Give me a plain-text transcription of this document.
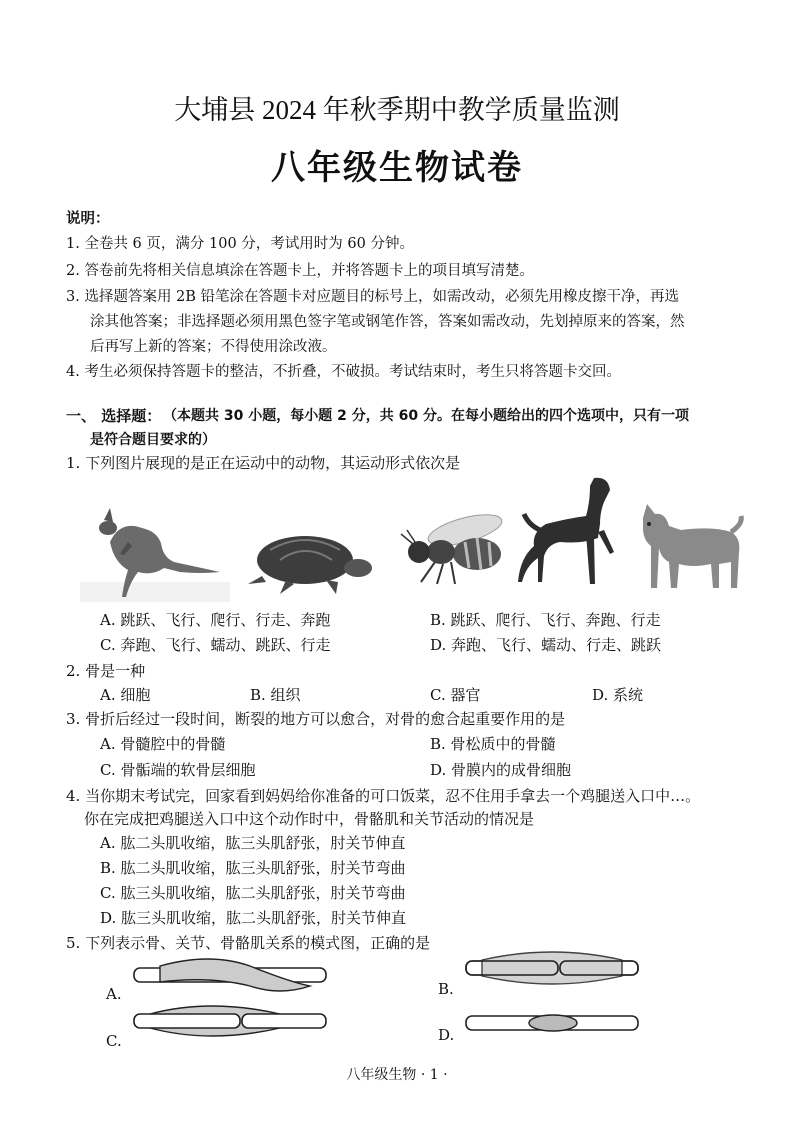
大埔县 2024 年秋季期中教学质量监测
八年级生物试卷
说明：
1. 全卷共 6 页，满分 100 分，考试用时为 60 分钟。
2. 答卷前先将相关信息填涂在答题卡上，并将答题卡上的项目填写清楚。
3. 选择题答案用 2B 铅笔涂在答题卡对应题目的标号上，如需改动，必须先用橡皮擦干净，再选
涂其他答案；非选择题必须用黑色签字笔或钢笔作答，答案如需改动，先划掉原来的答案，然
后再写上新的答案；不得使用涂改液。
4. 考生必须保持答题卡的整洁，不折叠，不破损。考试结束时，考生只将答题卡交回。
一、 选择题： （本题共 30 小题，每小题 2 分，共 60 分。在每小题给出的四个选项中，只有一项
是符合题目要求的）
1. 下列图片展现的是正在运动中的动物，其运动形式依次是
A. 跳跃、飞行、爬行、行走、奔跑	B. 跳跃、爬行、飞行、奔跑、行走
C. 奔跑、飞行、蠕动、跳跃、行走	D. 奔跑、飞行、蠕动、行走、跳跃
2. 骨是一种
A. 细胞	B. 组织	C. 器官	D. 系统
3. 骨折后经过一段时间，断裂的地方可以愈合，对骨的愈合起重要作用的是
A. 骨髓腔中的骨髓	B. 骨松质中的骨髓
C. 骨骺端的软骨层细胞	D. 骨膜内的成骨细胞
4. 当你期末考试完，回家看到妈妈给你准备的可口饭菜，忍不住用手拿去一个鸡腿送入口中…。
你在完成把鸡腿送入口中这个动作时中，骨骼肌和关节活动的情况是
A. 肱二头肌收缩，肱三头肌舒张，肘关节伸直
B. 肱二头肌收缩，肱三头肌舒张，肘关节弯曲
C. 肱三头肌收缩，肱二头肌舒张，肘关节弯曲
D. 肱三头肌收缩，肱二头肌舒张，肘关节伸直
5. 下列表示骨、关节、骨骼肌关系的模式图，正确的是
A.	B.
C.	D.
八年级生物 · 1 ·
